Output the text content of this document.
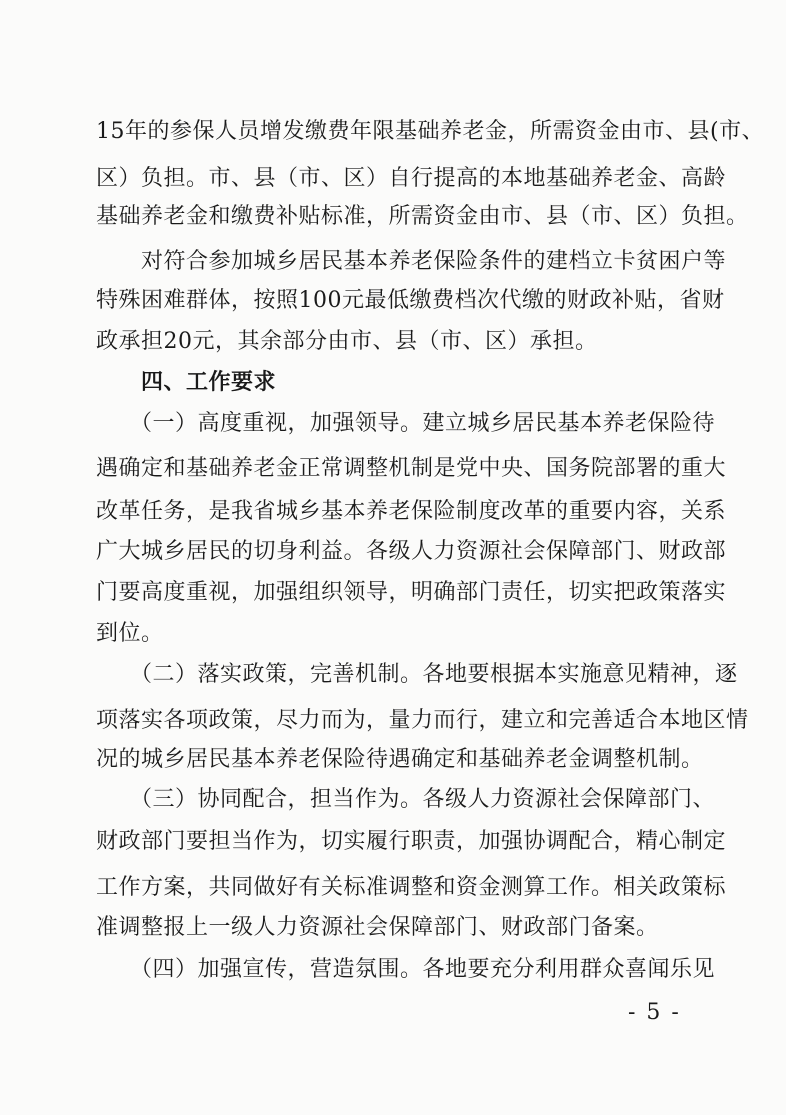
15年的参保人员增发缴费年限基础养老金，所需资金由市、县(市、
区）负担。市、县（市、区）自行提高的本地基础养老金、高龄
基础养老金和缴费补贴标准，所需资金由市、县（市、区）负担。
　　对符合参加城乡居民基本养老保险条件的建档立卡贫困户等
特殊困难群体，按照100元最低缴费档次代缴的财政补贴，省财
政承担20元，其余部分由市、县（市、区）承担。
　　四、工作要求
　　（一）高度重视，加强领导。建立城乡居民基本养老保险待
遇确定和基础养老金正常调整机制是党中央、国务院部署的重大
改革任务，是我省城乡基本养老保险制度改革的重要内容，关系
广大城乡居民的切身利益。各级人力资源社会保障部门、财政部
门要高度重视，加强组织领导，明确部门责任，切实把政策落实
到位。
　　（二）落实政策，完善机制。各地要根据本实施意见精神，逐
项落实各项政策，尽力而为，量力而行，建立和完善适合本地区情
况的城乡居民基本养老保险待遇确定和基础养老金调整机制。
　　（三）协同配合，担当作为。各级人力资源社会保障部门、
财政部门要担当作为，切实履行职责，加强协调配合，精心制定
工作方案，共同做好有关标准调整和资金测算工作。相关政策标
准调整报上一级人力资源社会保障部门、财政部门备案。
　　（四）加强宣传，营造氛围。各地要充分利用群众喜闻乐见
- 5 -
